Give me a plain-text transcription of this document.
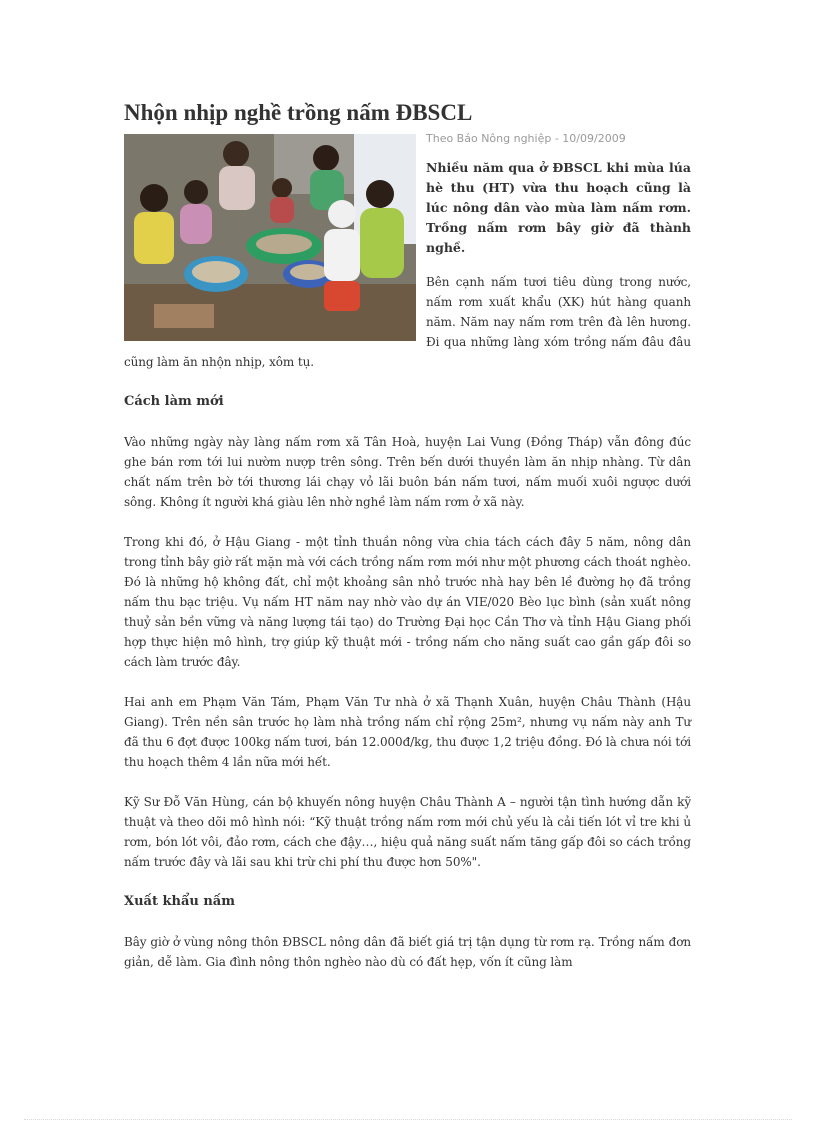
Nhộn nhịp nghề trồng nấm ĐBSCL
Theo Báo Nông nghiệp - 10/09/2009
Nhiều năm qua ở ĐBSCL khi mùa lúa hè thu (HT) vừa thu hoạch cũng là lúc nông dân vào mùa làm nấm rơm. Trồng nấm rơm bây giờ đã thành nghề.

Bên cạnh nấm tươi tiêu dùng trong nước, nấm rơm xuất khẩu (XK) hút hàng quanh năm. Năm nay nấm rơm trên đà lên hương. Đi qua những làng xóm trồng nấm đâu đâu cũng làm ăn nhộn nhịp, xôm tụ.

Cách làm mới

Vào những ngày này làng nấm rơm xã Tân Hoà, huyện Lai Vung (Đồng Tháp) vẫn đông đúc ghe bán rơm tới lui nườm nượp trên sông. Trên bến dưới thuyền làm ăn nhịp nhàng. Từ dân chất nấm trên bờ tới thương lái chạy vỏ lãi buôn bán nấm tươi, nấm muối xuôi ngược dưới sông. Không ít người khá giàu lên nhờ nghề làm nấm rơm ở xã này.

Trong khi đó, ở Hậu Giang - một tỉnh thuần nông vừa chia tách cách đây 5 năm, nông dân trong tỉnh bây giờ rất mặn mà với cách trồng nấm rơm mới như một phương cách thoát nghèo. Đó là những hộ không đất, chỉ một khoảng sân nhỏ trước nhà hay bên lề đường họ đã trồng nấm thu bạc triệu. Vụ nấm HT năm nay nhờ vào dự án VIE/020 Bèo lục bình (sản xuất nông thuỷ sản bền vững và năng lượng tái tạo) do Trường Đại học Cần Thơ và tỉnh Hậu Giang phối hợp thực hiện mô hình, trợ giúp kỹ thuật mới - trồng nấm cho năng suất cao gần gấp đôi so cách làm trước đây.

Hai anh em Phạm Văn Tám, Phạm Văn Tư nhà ở xã Thạnh Xuân, huyện Châu Thành (Hậu Giang). Trên nền sân trước họ làm nhà trồng nấm chỉ rộng 25m², nhưng vụ nấm này anh Tư đã thu 6 đợt được 100kg nấm tươi, bán 12.000đ/kg, thu được 1,2 triệu đồng. Đó là chưa nói tới thu hoạch thêm 4 lần nữa mới hết.

Kỹ Sư Đỗ Văn Hùng, cán bộ khuyến nông huyện Châu Thành A – người tận tình hướng dẫn kỹ thuật và theo dõi mô hình nói: “Kỹ thuật trồng nấm rơm mới chủ yếu là cải tiến lót vỉ tre khi ủ rơm, bón lót vôi, đảo rơm, cách che đậy…, hiệu quả năng suất nấm tăng gấp đôi so cách trồng nấm trước đây và lãi sau khi trừ chi phí thu được hơn 50%".

Xuất khẩu nấm

Bây giờ ở vùng nông thôn ĐBSCL nông dân đã biết giá trị tận dụng từ rơm rạ. Trồng nấm đơn giản, dễ làm. Gia đình nông thôn nghèo nào dù có đất hẹp, vốn ít cũng làm
